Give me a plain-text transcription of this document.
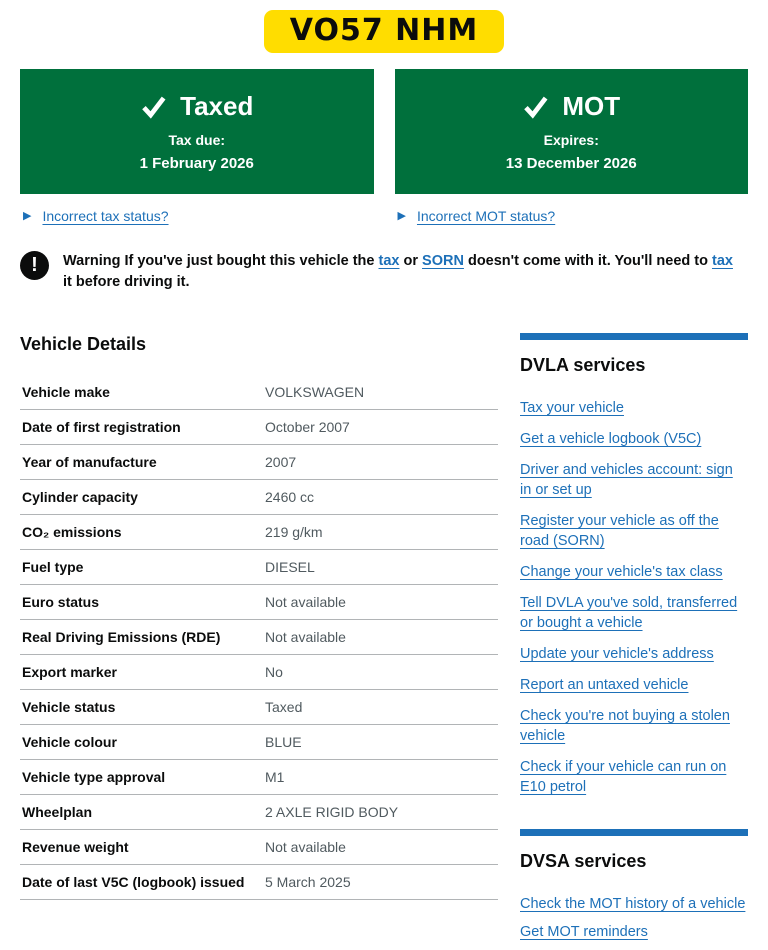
VO57 NHM
Taxed
Tax due:
1 February 2026
MOT
Expires:
13 December 2026
▶ Incorrect tax status?	▶ Incorrect MOT status?
!
Warning If you've just bought this vehicle the tax or SORN doesn't come with it. You'll need to tax it before driving it.
Vehicle Details
Vehicle make	VOLKSWAGEN
Date of first registration	October 2007
Year of manufacture	2007
Cylinder capacity	2460 cc
CO₂ emissions	219 g/km
Fuel type	DIESEL
Euro status	Not available
Real Driving Emissions (RDE)	Not available
Export marker	No
Vehicle status	Taxed
Vehicle colour	BLUE
Vehicle type approval	M1
Wheelplan	2 AXLE RIGID BODY
Revenue weight	Not available
Date of last V5C (logbook) issued	5 March 2025
DVLA services
Tax your vehicle
Get a vehicle logbook (V5C)
Driver and vehicles account: sign in or set up
Register your vehicle as off the road (SORN)
Change your vehicle's tax class
Tell DVLA you've sold, transferred or bought a vehicle
Update your vehicle's address
Report an untaxed vehicle
Check you're not buying a stolen vehicle
Check if your vehicle can run on E10 petrol
DVSA services
Check the MOT history of a vehicle
Get MOT reminders
